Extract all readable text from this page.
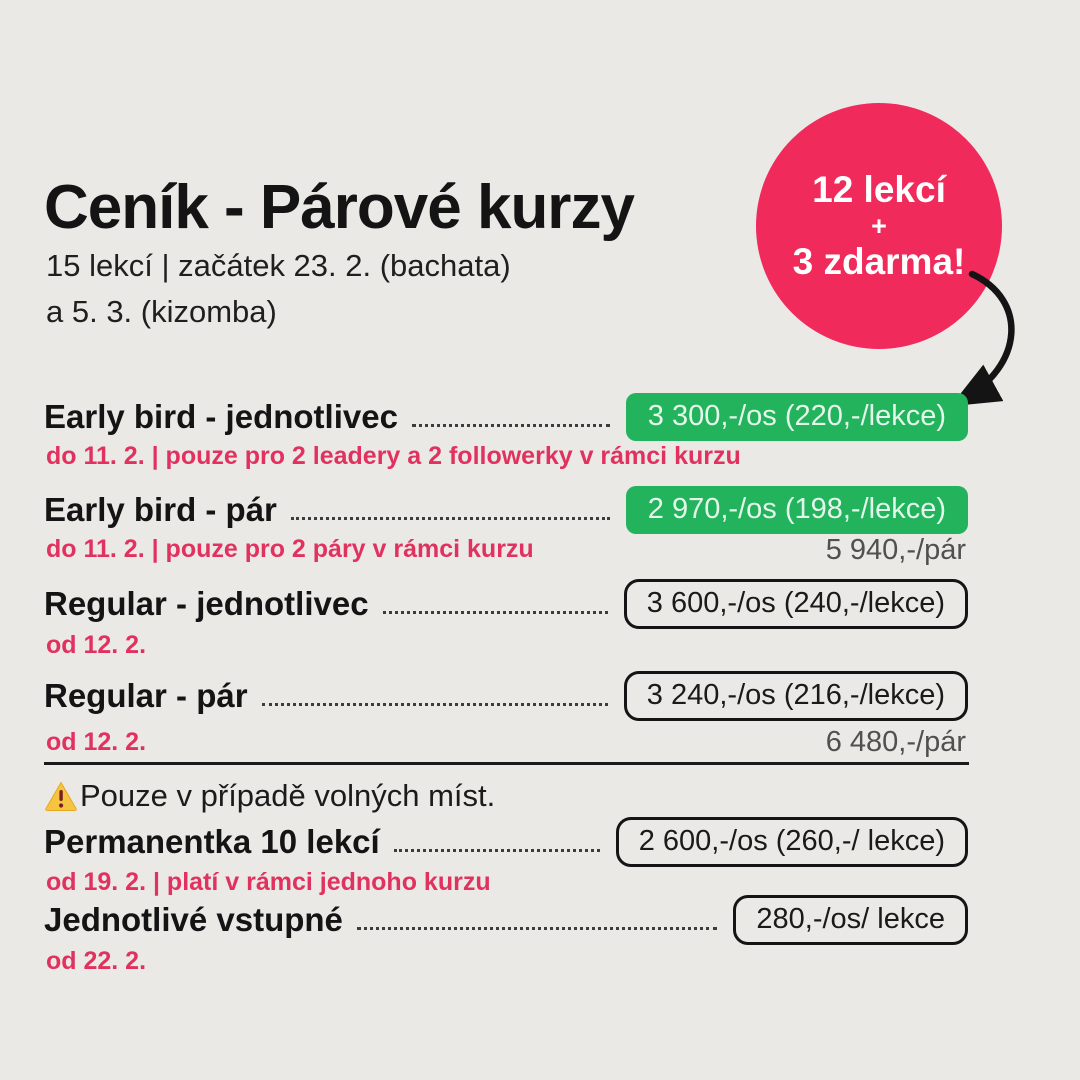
Ceník - Párové kurzy
15 lekcí | začátek 23. 2. (bachata)
a 5. 3. (kizomba)
12 lekcí
+
3 zdarma!
Early bird - jednotlivec	3 300,-/os (220,-/lekce)
do 11. 2. | pouze pro 2 leadery a 2 followerky v rámci kurzu
Early bird - pár	2 970,-/os (198,-/lekce)
do 11. 2. | pouze pro 2 páry v rámci kurzu	5 940,-/pár
Regular - jednotlivec	3 600,-/os (240,-/lekce)
od 12. 2.
Regular - pár	3 240,-/os (216,-/lekce)
od 12. 2.	6 480,-/pár
Pouze v případě volných míst.
Permanentka 10 lekcí	2 600,-/os (260,-/ lekce)
od 19. 2. | platí v rámci jednoho kurzu
Jednotlivé vstupné	280,-/os/ lekce
od 22. 2.
